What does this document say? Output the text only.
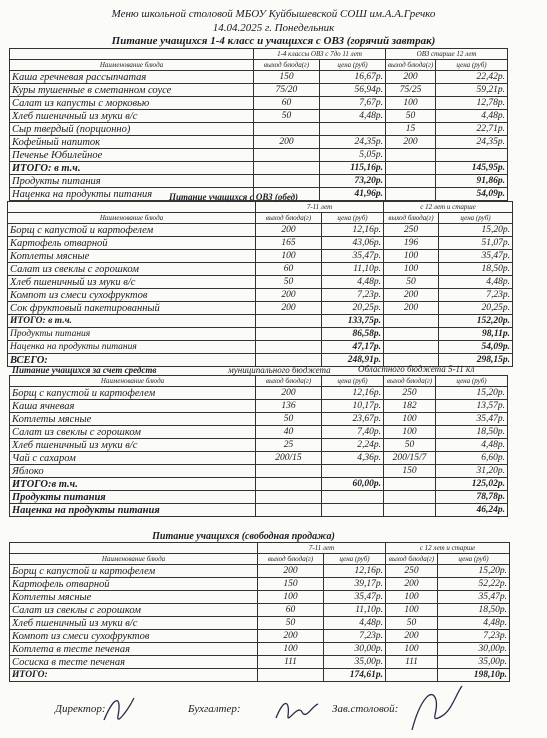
Меню школьной столовой МБОУ Куйбышевской СОШ им.А.А.Гречко
14.04.2025 г. Понедельник
Питание учащихся 1-4 класс и учащихся с ОВЗ (горячий завтрак)
	1-4 классы ОВЗ с 7до 11 лет		ОВЗ старше 12 лет	
Наименование блюда	выход блюда(г)	цена (руб)	выход блюда(г)	цена (руб)
Каша гречневая рассыпчатая	150	16,67р.	200	22,42р.
Куры тушенные в сметанном соусе	75/20	56,94р.	75/25	59,21р.
Салат из капусты с морковью	60	7,67р.	100	12,78р.
Хлеб пшеничный из муки в/с	50	4,48р.	50	4,48р.
Сыр твердый (порционно)			15	22,71р.
Кофейный напиток	200	24,35р.	200	24,35р.
Печенье Юбилейное		5,05р.		
ИТОГО: в т.ч.		115,16р.		145,95р.
Продукты питания		73,20р.		91,86р.
Наценка на продукты питания		41,96р.		54,09р.
Питание учащихся с ОВЗ (обед)
	7-11 лет		с 12 лет и старше	
Наименование блюда	выход блюда(г)	цена (руб)	выход блюда(г)	цена (руб)
Борщ с капустой и картофелем	200	12,16р.	250	15,20р.
Картофель отварной	165	43,06р.	196	51,07р.
Котлеты мясные	100	35,47р.	100	35,47р.
Салат из свеклы с горошком	60	11,10р.	100	18,50р.
Хлеб пшеничный из муки в/с	50	4,48р.	50	4,48р.
Компот из смеси сухофруктов	200	7,23р.	200	7,23р.
Сок фруктовый пакетированный	200	20,25р.	200	20,25р.
ИТОГО: в т.ч.		133,75р.		152,20р.
Продукты питания		86,58р.		98,11р.
Наценка на продукты питания		47,17р.		54,09р.
ВСЕГО:		248,91р.		298,15р.
Питание учащихся за счет средств	муниципального бюджета	Областного бюджета 5-11 кл
Наименование блюда	выход блюда(г)	цена (руб)	выход блюда(г)	цена (руб)
Борщ с капустой и картофелем	200	12,16р.	250	15,20р.
Каша ячневая	136	10,17р.	182	13,57р.
Котлеты мясные	50	23,67р.	100	35,47р.
Салат из свеклы с горошком	40	7,40р.	100	18,50р.
Хлеб пшеничный из муки в/с	25	2,24р.	50	4,48р.
Чай с сахаром	200/15	4,36р.	200/15/7	6,60р.
Яблоко			150	31,20р.
ИТОГО:в т.ч.		60,00р.		125,02р.
Продукты питания				78,78р.
Наценка на продукты питания				46,24р.
Питание учащихся (свободная продажа)
	7-11 лет		с 12 лет и старше	
Наименование блюда	выход блюда(г)	цена (руб)	выход блюда(г)	цена (руб)
Борщ с капустой и картофелем	200	12,16р.	250	15,20р.
Картофель отварной	150	39,17р.	200	52,22р.
Котлеты мясные	100	35,47р.	100	35,47р.
Салат из свеклы с горошком	60	11,10р.	100	18,50р.
Хлеб пшеничный из муки в/с	50	4,48р.	50	4,48р.
Компот из смеси сухофруктов	200	7,23р.	200	7,23р.
Котлета в тесте печеная	100	30,00р.	100	30,00р.
Сосиска в тесте печеная	111	35,00р.	111	35,00р.
ИТОГО:		174,61р.		198,10р.
Директор:	Бухгалтер:	Зав.столовой:
